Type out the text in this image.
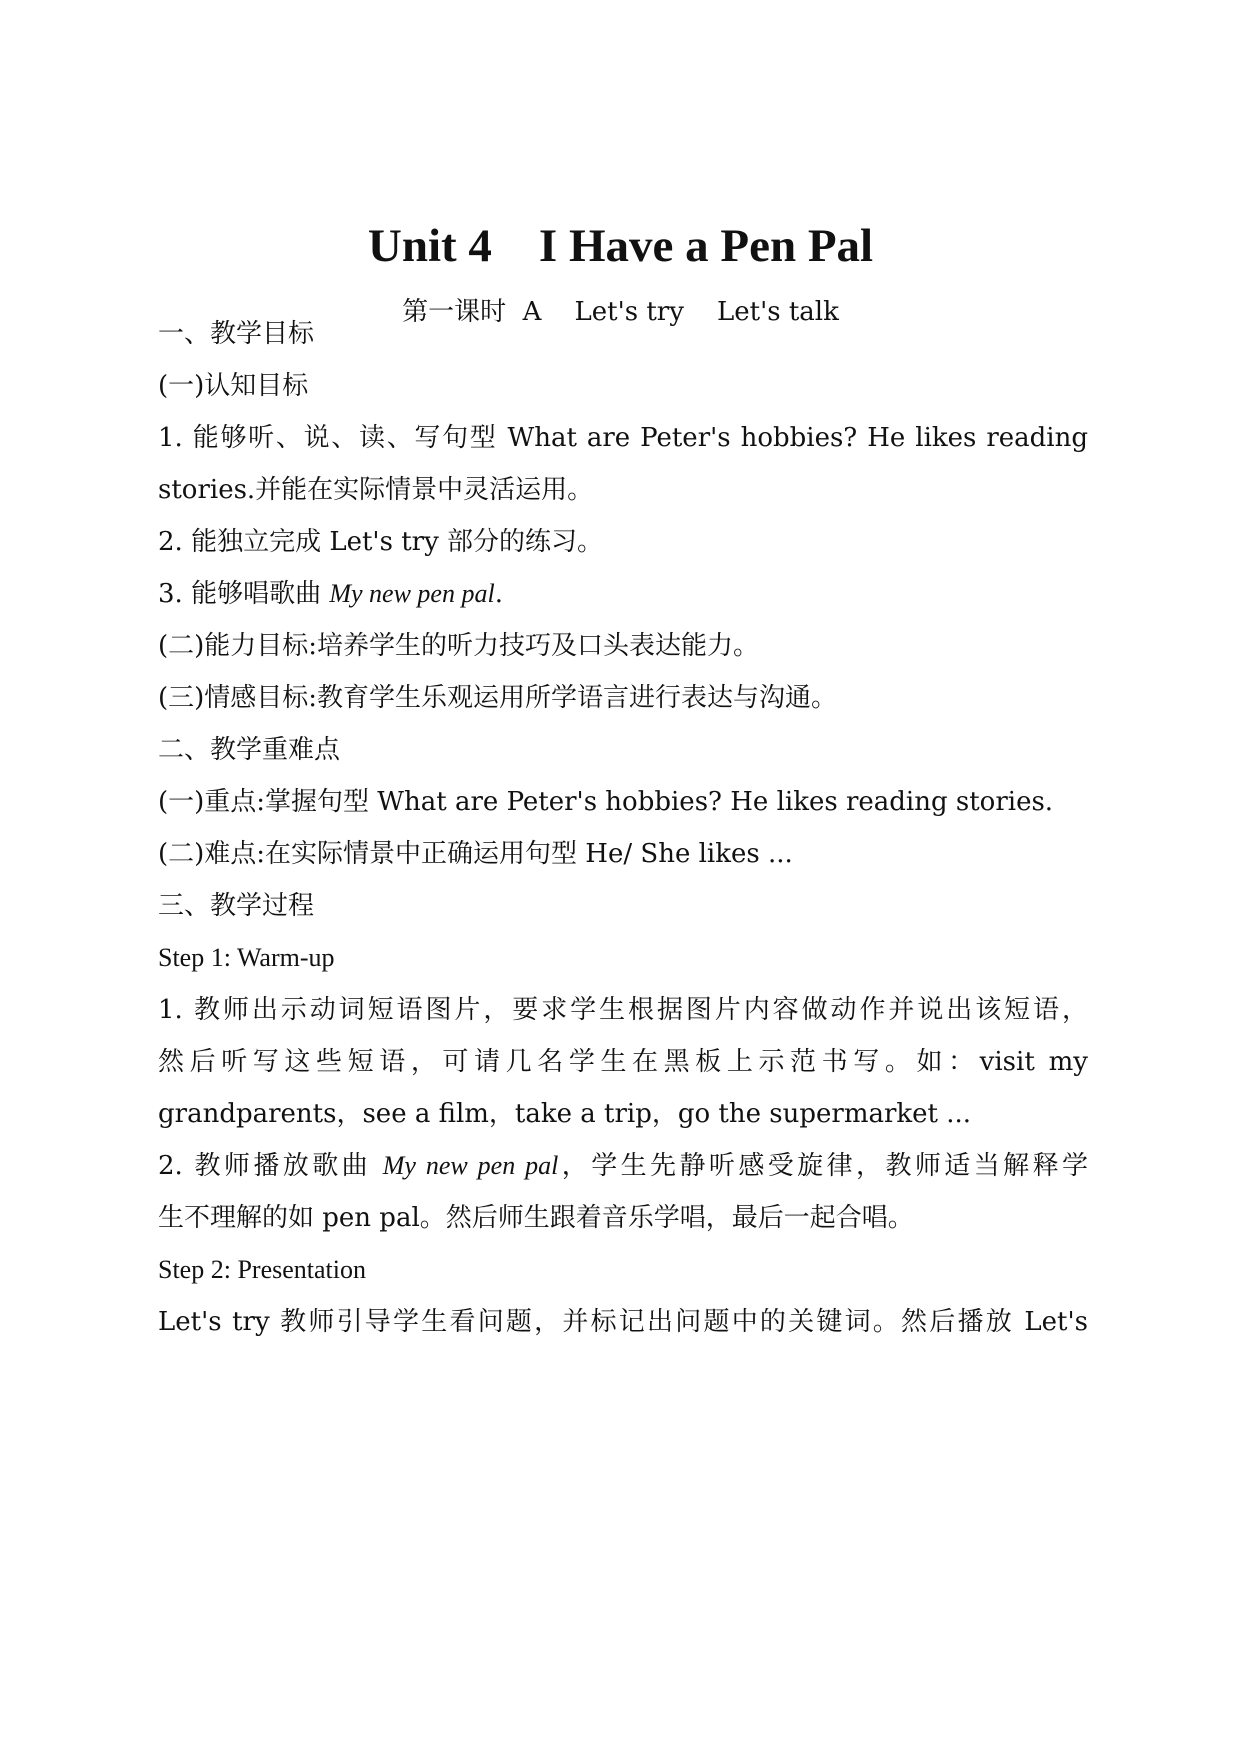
Unit 4    I Have a Pen Pal
第一课时  A    Let's try    Let's talk
一、教学目标
(一)认知目标
1. 能够听、说、读、写句型 What are Peter's hobbies? He likes reading
stories.并能在实际情景中灵活运用。
2. 能独立完成 Let's try 部分的练习。
3. 能够唱歌曲 My new pen pal.
(二)能力目标:培养学生的听力技巧及口头表达能力。
(三)情感目标:教育学生乐观运用所学语言进行表达与沟通。
二、教学重难点
(一)重点:掌握句型 What are Peter's hobbies? He likes reading stories.
(二)难点:在实际情景中正确运用句型 He/ She likes ...
三、教学过程
Step 1: Warm-up
1. 教师出示动词短语图片，要求学生根据图片内容做动作并说出该短语，
然后听写这些短语，可请几名学生在黑板上示范书写。如：visit my
grandparents，see a film，take a trip，go the supermarket ...
2. 教师播放歌曲 My new pen pal，学生先静听感受旋律，教师适当解释学
生不理解的如 pen pal。然后师生跟着音乐学唱，最后一起合唱。
Step 2: Presentation
Let's try 教师引导学生看问题，并标记出问题中的关键词。然后播放 Let's
